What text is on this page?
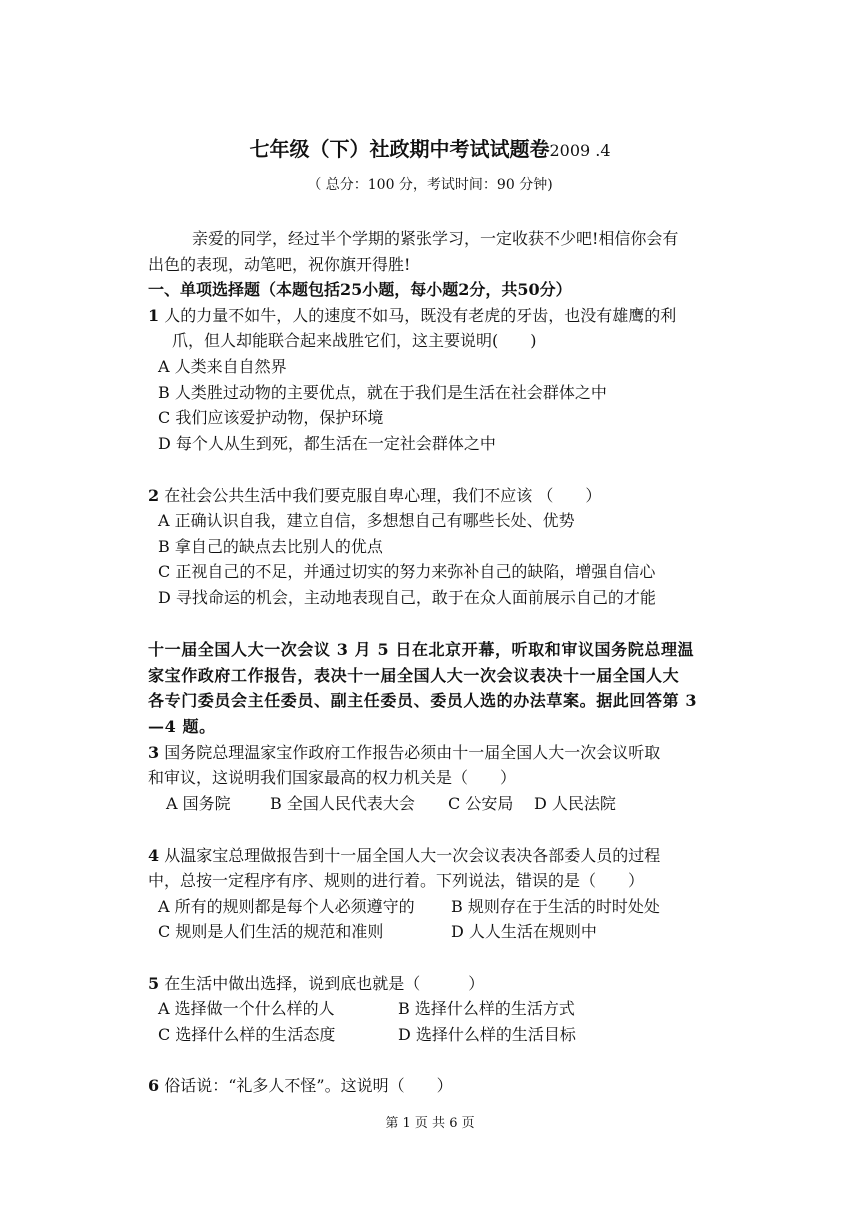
七年级（下）社政期中考试试题卷2009 .4
（ 总分：100 分，考试时间：90 分钟)
亲爱的同学，经过半个学期的紧张学习，一定收获不少吧!相信你会有
出色的表现，动笔吧，祝你旗开得胜!
一、单项选择题（本题包括25小题，每小题2分，共50分）
1 人的力量不如牛，人的速度不如马，既没有老虎的牙齿，也没有雄鹰的利
爪，但人却能联合起来战胜它们，这主要说明(　　)
A 人类来自自然界
B 人类胜过动物的主要优点，就在于我们是生活在社会群体之中
C 我们应该爱护动物，保护环境
D 每个人从生到死，都生活在一定社会群体之中
2 在社会公共生活中我们要克服自卑心理，我们不应该 （　　）
A 正确认识自我，建立自信，多想想自己有哪些长处、优势
B 拿自己的缺点去比别人的优点
C 正视自己的不足，并通过切实的努力来弥补自己的缺陷，增强自信心
D 寻找命运的机会，主动地表现自己，敢于在众人面前展示自己的才能
十一届全国人大一次会议 3 月 5 日在北京开幕，听取和审议国务院总理温
家宝作政府工作报告，表决十一届全国人大一次会议表决十一届全国人大
各专门委员会主任委员、副主任委员、委员人选的办法草案。据此回答第 3
—4 题。
3 国务院总理温家宝作政府工作报告必须由十一届全国人大一次会议听取
和审议，这说明我们国家最高的权力机关是（　　）
A 国务院 B 全国人民代表大会 C 公安局 D 人民法院
4 从温家宝总理做报告到十一届全国人大一次会议表决各部委人员的过程
中，总按一定程序有序、规则的进行着。下列说法，错误的是（　　）
A 所有的规则都是每个人必须遵守的 B 规则存在于生活的时时处处
C 规则是人们生活的规范和准则	D 人人生活在规则中
5 在生活中做出选择，说到底也就是（　　　）
A 选择做一个什么样的人	B 选择什么样的生活方式
C 选择什么样的生活态度	D 选择什么样的生活目标
6 俗话说：“礼多人不怪”。这说明（　　）
第 1 页 共 6 页
